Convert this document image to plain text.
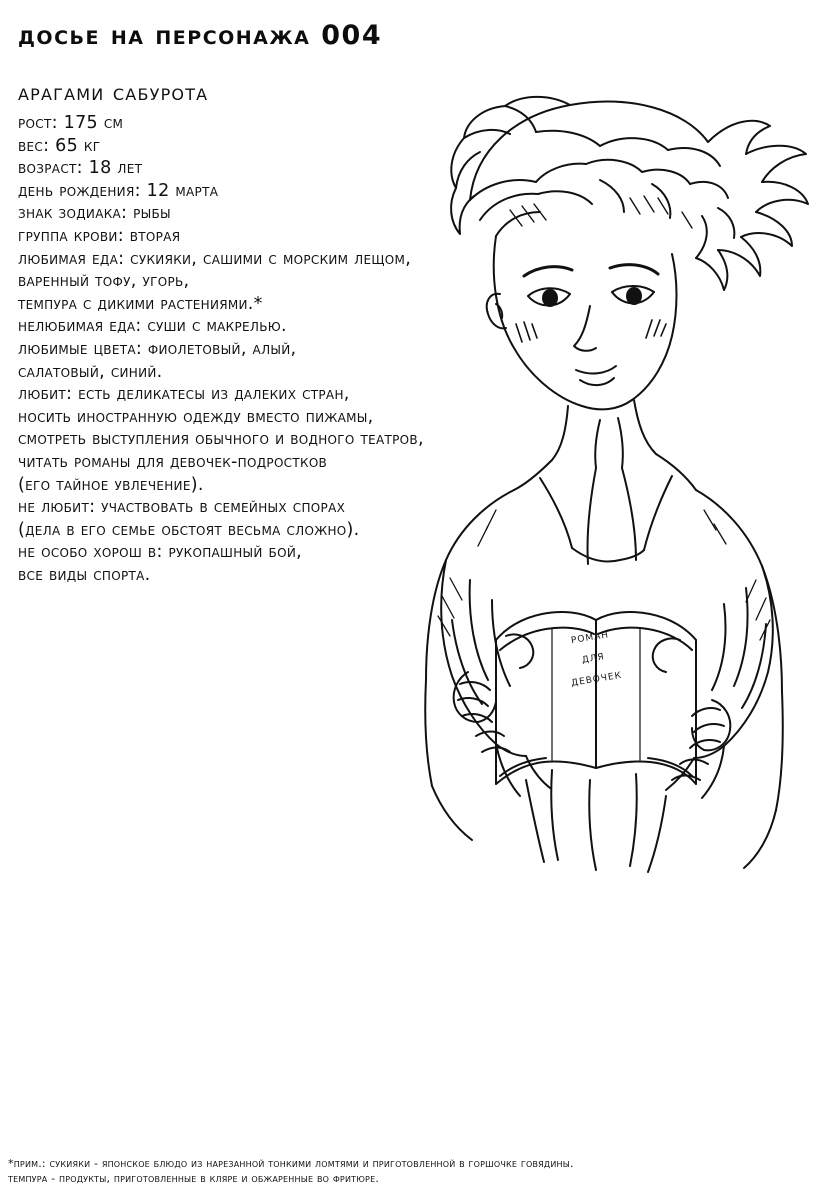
досье на персонажа 004
арагами сабурота
рост: 175 см
вес: 65 кг
возраст: 18 лет
день рождения: 12 марта
знак зодиака: рыбы
группа крови: вторая
любимая еда: сукияки, сашими с морским лещом,
варенный тофу, угорь,
темпура с дикими растениями.*
нелюбимая еда: суши с макрелью.
любимые цвета: фиолетовый, алый,
салатовый, синий.
любит: есть деликатесы из далеких стран,
носить иностранную одежду вместо пижамы,
смотреть выступления обычного и водного театров,
читать романы для девочек-подростков
(его тайное увлечение).
не любит: участвовать в семейных спорах
(дела в его семье обстоят весьма сложно).
не особо хорош в: рукопашный бой,
все виды спорта.
роман
для
девочек
*прим.: сукияки - японское блюдо из нарезанной тонкими ломтями и приготовленной в горшочке говядины.
темпура - продукты, приготовленные в кляре и обжаренные во фритюре.
